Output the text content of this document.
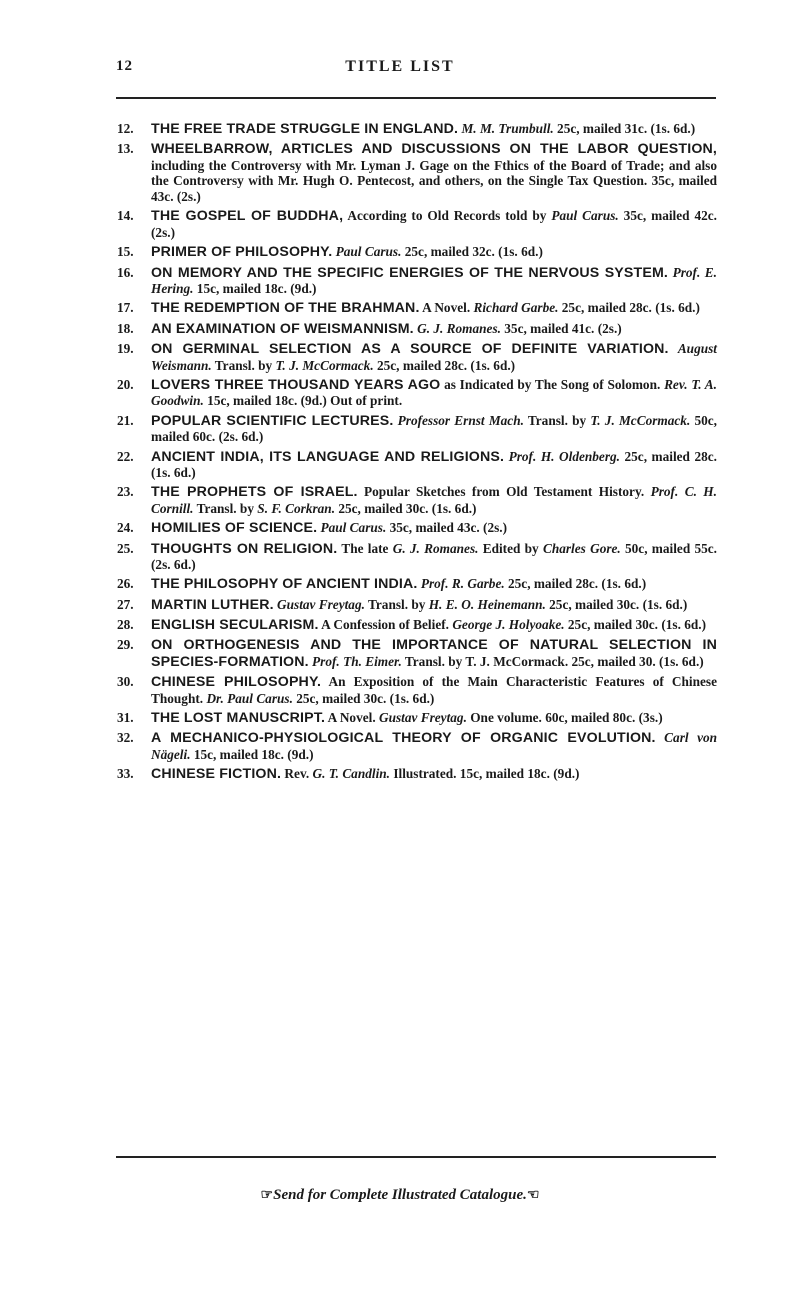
12	TITLE LIST
12. THE FREE TRADE STRUGGLE IN ENGLAND. M. M. Trumbull. 25c, mailed 31c. (1s. 6d.)
13. WHEELBARROW, ARTICLES AND DISCUSSIONS ON THE LABOR QUESTION, including the Controversy with Mr. Lyman J. Gage on the Fthics of the Board of Trade; and also the Controversy with Mr. Hugh O. Pentecost, and others, on the Single Tax Question. 35c, mailed 43c. (2s.)
14. THE GOSPEL OF BUDDHA, According to Old Records told by Paul Carus. 35c, mailed 42c. (2s.)
15. PRIMER OF PHILOSOPHY. Paul Carus. 25c, mailed 32c. (1s. 6d.)
16. ON MEMORY AND THE SPECIFIC ENERGIES OF THE NERVOUS SYSTEM. Prof. E. Hering. 15c, mailed 18c. (9d.)
17. THE REDEMPTION OF THE BRAHMAN. A Novel. Richard Garbe. 25c, mailed 28c. (1s. 6d.)
18. AN EXAMINATION OF WEISMANNISM. G. J. Romanes. 35c, mailed 41c. (2s.)
19. ON GERMINAL SELECTION AS A SOURCE OF DEFINITE VARIATION. August Weismann. Transl. by T. J. McCormack. 25c, mailed 28c. (1s. 6d.)
20. LOVERS THREE THOUSAND YEARS AGO as Indicated by The Song of Solomon. Rev. T. A. Goodwin. 15c, mailed 18c. (9d.) Out of print.
21. POPULAR SCIENTIFIC LECTURES. Professor Ernst Mach. Transl. by T. J. McCormack. 50c, mailed 60c. (2s. 6d.)
22. ANCIENT INDIA, ITS LANGUAGE AND RELIGIONS. Prof. H. Oldenberg. 25c, mailed 28c. (1s. 6d.)
23. THE PROPHETS OF ISRAEL. Popular Sketches from Old Testament History. Prof. C. H. Cornill. Transl. by S. F. Corkran. 25c, mailed 30c. (1s. 6d.)
24. HOMILIES OF SCIENCE. Paul Carus. 35c, mailed 43c. (2s.)
25. THOUGHTS ON RELIGION. The late G. J. Romanes. Edited by Charles Gore. 50c, mailed 55c. (2s. 6d.)
26. THE PHILOSOPHY OF ANCIENT INDIA. Prof. R. Garbe. 25c, mailed 28c. (1s. 6d.)
27. MARTIN LUTHER. Gustav Freytag. Transl. by H. E. O. Heinemann. 25c, mailed 30c. (1s. 6d.)
28. ENGLISH SECULARISM. A Confession of Belief. George J. Holyoake. 25c, mailed 30c. (1s. 6d.)
29. ON ORTHOGENESIS AND THE IMPORTANCE OF NATURAL SELECTION IN SPECIES-FORMATION. Prof. Th. Eimer. Transl. by T. J. McCormack. 25c, mailed 30. (1s. 6d.)
30. CHINESE PHILOSOPHY. An Exposition of the Main Characteristic Features of Chinese Thought. Dr. Paul Carus. 25c, mailed 30c. (1s. 6d.)
31. THE LOST MANUSCRIPT. A Novel. Gustav Freytag. One volume. 60c, mailed 80c. (3s.)
32. A MECHANICO-PHYSIOLOGICAL THEORY OF ORGANIC EVOLUTION. Carl von Nägeli. 15c, mailed 18c. (9d.)
33. CHINESE FICTION. Rev. G. T. Candlin. Illustrated. 15c, mailed 18c. (9d.)
☞Send for Complete Illustrated Catalogue.☜
